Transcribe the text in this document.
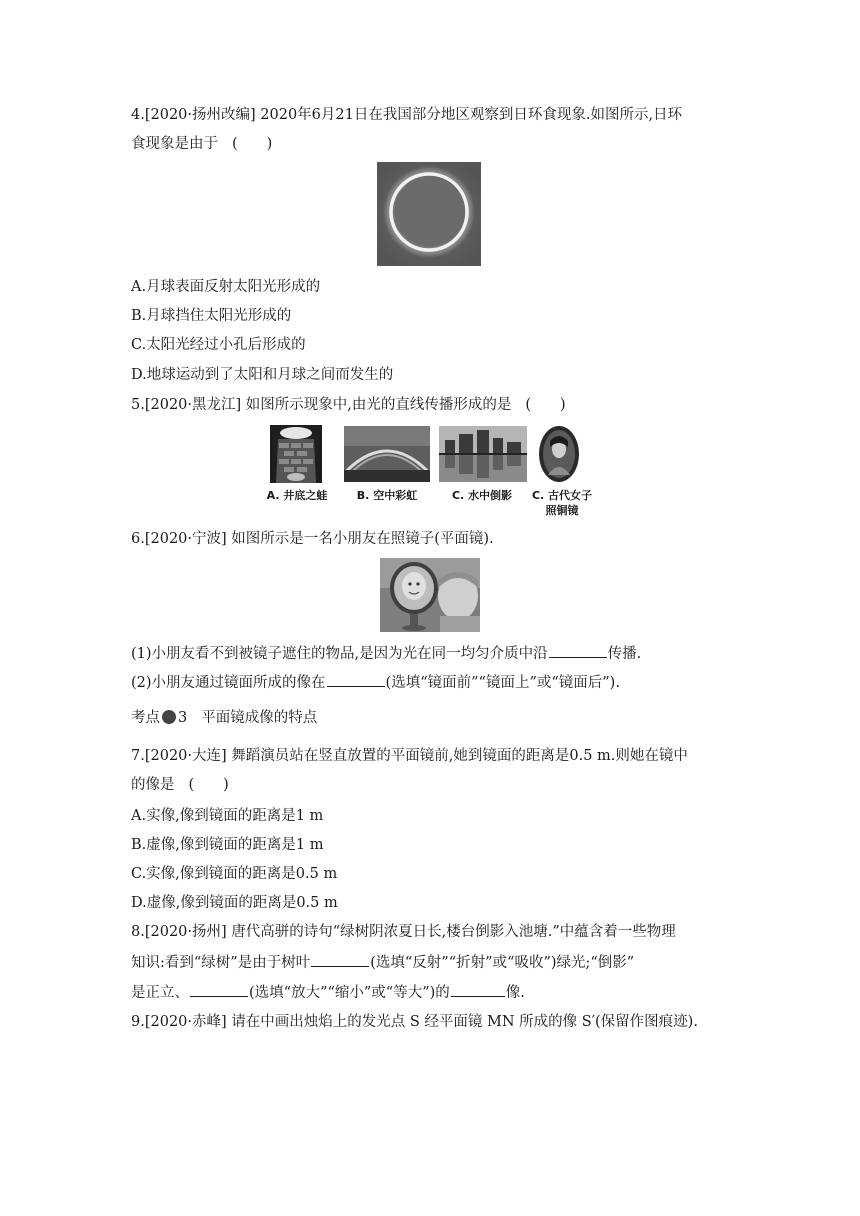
4.[2020·扬州改编] 2020年6月21日在我国部分地区观察到日环食现象.如图所示,日环
食现象是由于 (　　)
A.月球表面反射太阳光形成的
B.月球挡住太阳光形成的
C.太阳光经过小孔后形成的
D.地球运动到了太阳和月球之间而发生的
5.[2020·黑龙江] 如图所示现象中,由光的直线传播形成的是 (　　)
A. 井底之蛙	B. 空中彩虹	C. 水中倒影	C. 古代女子
照铜镜
6.[2020·宁波] 如图所示是一名小朋友在照镜子(平面镜).
(1)小朋友看不到被镜子遮住的物品,是因为光在同一均匀介质中沿	传播.
(2)小朋友通过镜面所成的像在	(选填“镜面前”“镜面上”或“镜面后”).
考点 3 平面镜成像的特点
7.[2020·大连] 舞蹈演员站在竖直放置的平面镜前,她到镜面的距离是0.5 m.则她在镜中
的像是 (　　)
A.实像,像到镜面的距离是1 m
B.虚像,像到镜面的距离是1 m
C.实像,像到镜面的距离是0.5 m
D.虚像,像到镜面的距离是0.5 m
8.[2020·扬州] 唐代高骈的诗句“绿树阴浓夏日长,楼台倒影入池塘.”中蕴含着一些物理
知识:看到“绿树”是由于树叶	(选填“反射”“折射”或“吸收”)绿光;“倒影”
是正立、	(选填“放大”“缩小”或“等大”)的	像.
9.[2020·赤峰] 请在中画出烛焰上的发光点 S 经平面镜 MN 所成的像 S′(保留作图痕迹).
